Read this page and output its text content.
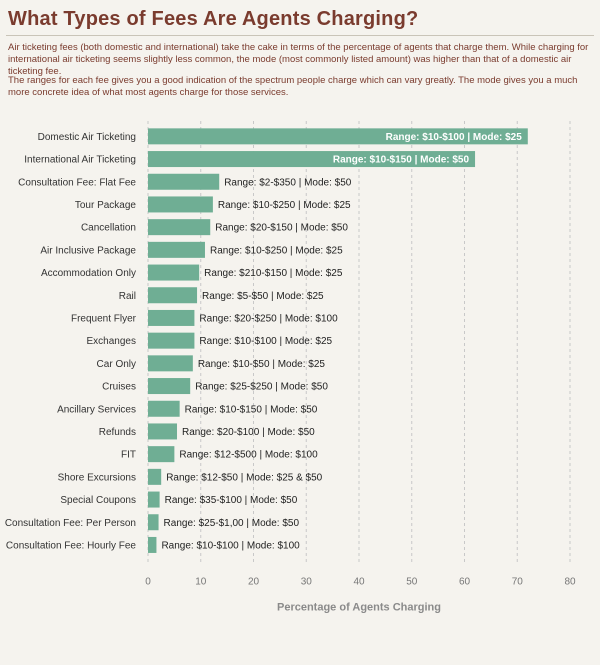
What Types of Fees Are Agents Charging?

Air ticketing fees (both domestic and international) take the cake in terms of the percentage of agents that charge them. While charging for international air ticketing seems slightly less common, the mode (most commonly listed amount) was higher than that of a domestic air ticketing fee.

The ranges for each fee gives you a good indication of the spectrum people charge which can vary greatly. The mode gives you a much more concrete idea of what most agents charge for those services.

Domestic Air Ticketing	Range: $10-$100 | Mode: $25
International Air Ticketing	Range: $10-$150 | Mode: $50
Consultation Fee: Flat Fee	Range: $2-$350 | Mode: $50
Tour Package	Range: $10-$250 | Mode: $25
Cancellation	Range: $20-$150 | Mode: $50
Air Inclusive Package	Range: $10-$250 | Mode: $25
Accommodation Only	Range: $210-$150 | Mode: $25
Rail	Range: $5-$50 | Mode: $25
Frequent Flyer	Range: $20-$250 | Mode: $100
Exchanges	Range: $10-$100 | Mode: $25
Car Only	Range: $10-$50 | Mode: $25
Cruises	Range: $25-$250 | Mode: $50
Ancillary Services	Range: $10-$150 | Mode: $50
Refunds	Range: $20-$100 | Mode: $50
FIT	Range: $12-$500 | Mode: $100
Shore Excursions	Range: $12-$50 | Mode: $25 & $50
Special Coupons	Range: $35-$100 | Mode: $50
Consultation Fee: Per Person	Range: $25-$1,00 | Mode: $50
Consultation Fee: Hourly Fee	Range: $10-$100 | Mode: $100
0	10	20	30	40	50	60	70	80
Percentage of Agents Charging
